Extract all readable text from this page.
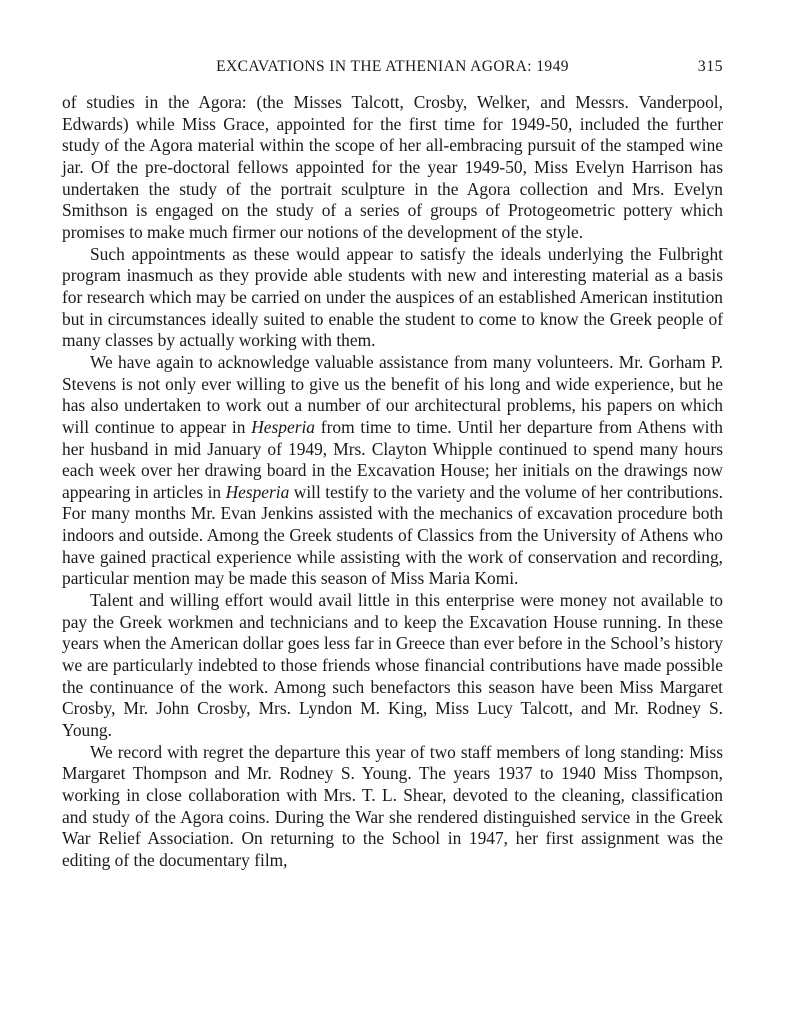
EXCAVATIONS IN THE ATHENIAN AGORA: 1949	315

of studies in the Agora: (the Misses Talcott, Crosby, Welker, and Messrs. Vanderpool, Edwards) while Miss Grace, appointed for the first time for 1949-50, included the further study of the Agora material within the scope of her all-embracing pursuit of the stamped wine jar. Of the pre-doctoral fellows appointed for the year 1949-50, Miss Evelyn Harrison has undertaken the study of the portrait sculpture in the Agora collection and Mrs. Evelyn Smithson is engaged on the study of a series of groups of Protogeometric pottery which promises to make much firmer our notions of the development of the style.

Such appointments as these would appear to satisfy the ideals underlying the Fulbright program inasmuch as they provide able students with new and interesting material as a basis for research which may be carried on under the auspices of an established American institution but in circumstances ideally suited to enable the student to come to know the Greek people of many classes by actually working with them.

We have again to acknowledge valuable assistance from many volunteers. Mr. Gorham P. Stevens is not only ever willing to give us the benefit of his long and wide experience, but he has also undertaken to work out a number of our architectural problems, his papers on which will continue to appear in Hesperia from time to time. Until her departure from Athens with her husband in mid January of 1949, Mrs. Clayton Whipple continued to spend many hours each week over her drawing board in the Excavation House; her initials on the drawings now appearing in articles in Hesperia will testify to the variety and the volume of her contributions. For many months Mr. Evan Jenkins assisted with the mechanics of excavation procedure both indoors and outside. Among the Greek students of Classics from the University of Athens who have gained practical experience while assisting with the work of conservation and recording, particular mention may be made this season of Miss Maria Komi.

Talent and willing effort would avail little in this enterprise were money not available to pay the Greek workmen and technicians and to keep the Excavation House running. In these years when the American dollar goes less far in Greece than ever before in the School’s history we are particularly indebted to those friends whose financial contributions have made possible the continuance of the work. Among such benefactors this season have been Miss Margaret Crosby, Mr. John Crosby, Mrs. Lyndon M. King, Miss Lucy Talcott, and Mr. Rodney S. Young.

We record with regret the departure this year of two staff members of long standing: Miss Margaret Thompson and Mr. Rodney S. Young. The years 1937 to 1940 Miss Thompson, working in close collaboration with Mrs. T. L. Shear, devoted to the cleaning, classification and study of the Agora coins. During the War she rendered distinguished service in the Greek War Relief Association. On returning to the School in 1947, her first assignment was the editing of the documentary film,
